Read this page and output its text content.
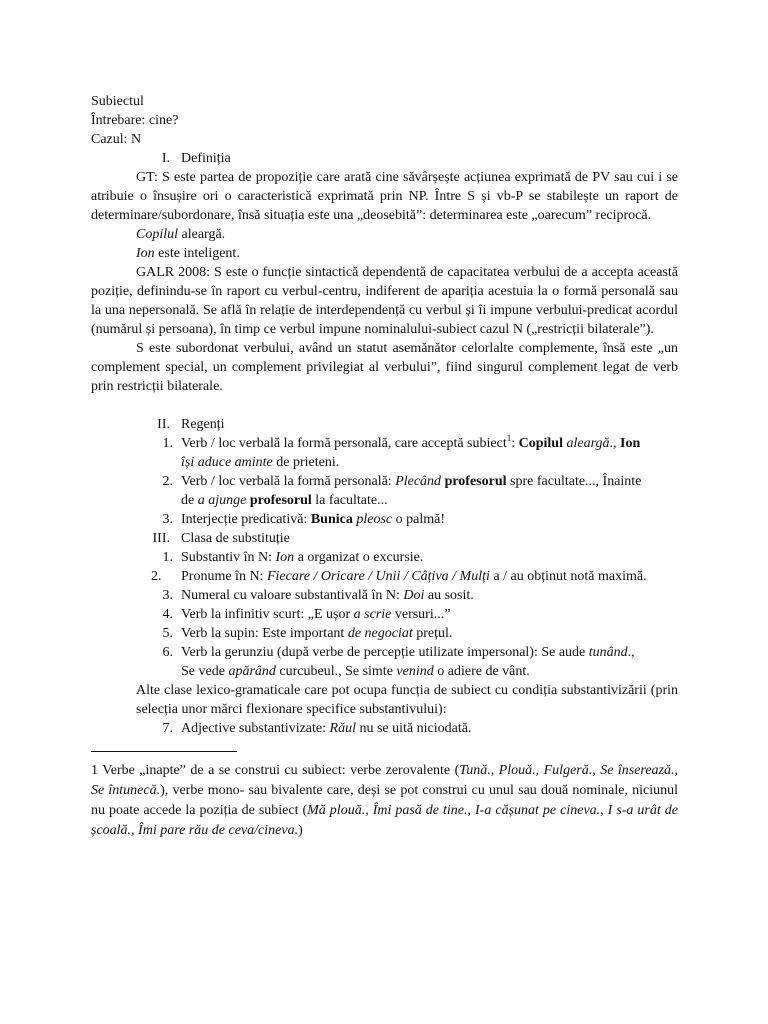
Subiectul

Întrebare: cine?

Cazul: N

I. Definiția

GT: S este partea de propoziție care arată cine săvârșește acțiunea exprimată de PV sau cui i se atribuie o însușire ori o caracteristică exprimată prin NP. Între S și vb-P se stabilește un raport de determinare/subordonare, însă situația este una „deosebită”: determinarea este „oarecum” reciprocă.

Copilul aleargă.

Ion este inteligent.

GALR 2008: S este o funcție sintactică dependentă de capacitatea verbului de a accepta această poziție, definindu-se în raport cu verbul-centru, indiferent de apariția acestuia la o formă personală sau la una nepersonală. Se află în relație de interdependență cu verbul și îi impune verbului-predicat acordul (numărul și persoana), în timp ce verbul impune nominalului-subiect cazul N („restricții bilaterale”).

S este subordonat verbului, având un statut asemănător celorlalte complemente, însă este „un complement special, un complement privilegiat al verbului”, fiind singurul complement legat de verb prin restricții bilaterale.

II. Regenți

1. Verb / loc verbală la formă personală, care acceptă subiect$^1$: Copilul aleargă., Ion
își aduce aminte de prieteni.
2. Verb / loc verbală la formă personală: Plecând profesorul spre facultate..., Înainte
de a ajunge profesorul la facultate...
3. Interjecție predicativă: Bunica pleosc o palmă!

III. Clasa de substituție

1. Substantiv în N: Ion a organizat o excursie.
2.	Pronume în N: Fiecare / Oricare / Unii / Câțiva / Mulți a / au obținut notă maximă.
3. Numeral cu valoare substantivală în N: Doi au sosit.
4. Verb la infinitiv scurt: „E ușor a scrie versuri...”
5. Verb la supin: Este important de negociat prețul.
6. Verb la gerunziu (după verbe de percepție utilizate impersonal): Se aude tunând.,
Se vede apărând curcubeul., Se simte venind o adiere de vânt.

Alte clase lexico-gramaticale care pot ocupa funcția de subiect cu condiția substantivizării (prin selecția unor mărci flexionare specifice substantivului):

7. Adjective substantivizate: Răul nu se uită niciodată.

1 Verbe „inapte” de a se construi cu subiect: verbe zerovalente (Tună., Plouă., Fulgeră., Se înserează., Se întunecă.), verbe mono- sau bivalente care, deși se pot construi cu unul sau două nominale, niciunul nu poate accede la poziția de subiect (Mă plouă., Îmi pasă de tine., I-a cășunat pe cineva., I s-a urât de școală., Îmi pare rău de ceva/cineva.)
